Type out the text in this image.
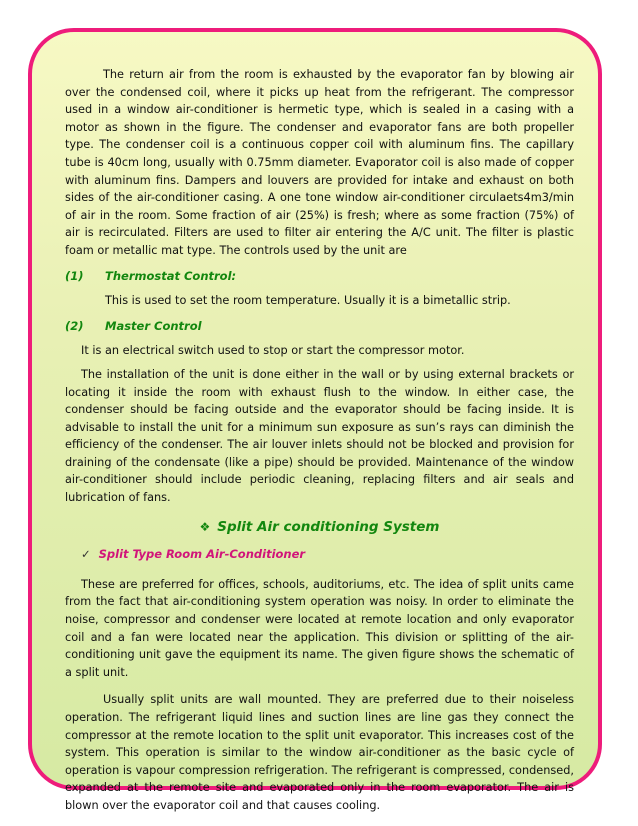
The return air from the room is exhausted by the evaporator fan by blowing air over the condensed coil, where it picks up heat from the refrigerant. The compressor used in a window air-conditioner is hermetic type, which is sealed in a casing with a motor as shown in the figure. The condenser and evaporator fans are both propeller type. The condenser coil is a continuous copper coil with aluminum fins. The capillary tube is 40cm long, usually with 0.75mm diameter. Evaporator coil is also made of copper with aluminum fins. Dampers and louvers are provided for intake and exhaust on both sides of the air-conditioner casing. A one tone window air-conditioner circulaets4m3/min of air in the room. Some fraction of air (25%) is fresh; where as some fraction (75%) of air is recirculated. Filters are used to filter air entering the A/C unit. The filter is plastic foam or metallic mat type. The controls used by the unit are

(1)	Thermostat Control:

This is used to set the room temperature. Usually it is a bimetallic strip.

(2)	Master Control

It is an electrical switch used to stop or start the compressor motor.

The installation of the unit is done either in the wall or by using external brackets or locating it inside the room with exhaust flush to the window. In either case, the condenser should be facing outside and the evaporator should be facing inside. It is advisable to install the unit for a minimum sun exposure as sun’s rays can diminish the efficiency of the condenser. The air louver inlets should not be blocked and provision for draining of the condensate (like a pipe) should be provided. Maintenance of the window air-conditioner should include periodic cleaning, replacing filters and air seals and lubrication of fans.

❖ Split Air conditioning System
✓ Split Type Room Air-Conditioner

These are preferred for offices, schools, auditoriums, etc. The idea of split units came from the fact that air-conditioning system operation was noisy. In order to eliminate the noise, compressor and condenser were located at remote location and only evaporator coil and a fan were located near the application. This division or splitting of the air- conditioning unit gave the equipment its name. The given figure shows the schematic of a split unit.

Usually split units are wall mounted. They are preferred due to their noiseless operation. The refrigerant liquid lines and suction lines are line gas they connect the compressor at the remote location to the split unit evaporator. This increases cost of the system. This operation is similar to the window air-conditioner as the basic cycle of operation is vapour compression refrigeration. The refrigerant is compressed, condensed, expanded at the remote site and evaporated only in the room evaporator. The air is blown over the evaporator coil and that causes cooling.
